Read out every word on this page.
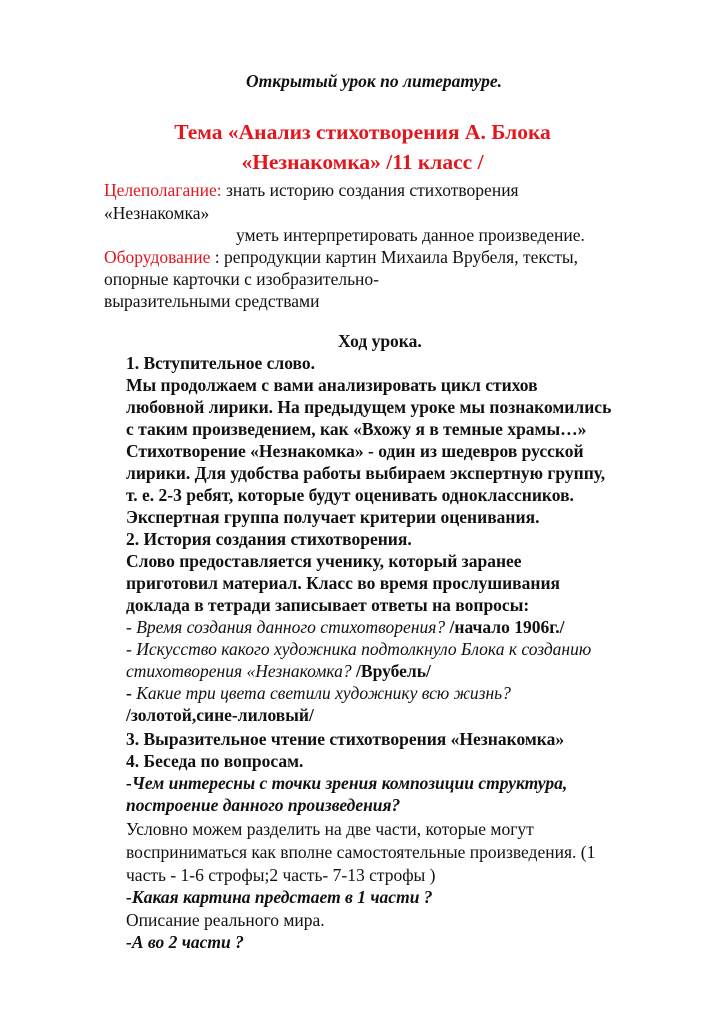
Открытый урок по литературе.
Тема «Анализ стихотворения А. Блока
«Незнакомка» /11 класс /
Целеполагание: знать историю создания стихотворения
«Незнакомка»
уметь интерпретировать данное произведение.
Оборудование : репродукции картин Михаила Врубеля, тексты,
опорные карточки с изобразительно-
выразительными средствами
Ход урока.
1. Вступительное слово.
Мы продолжаем с вами анализировать цикл стихов
любовной лирики. На предыдущем уроке мы познакомились
с таким произведением, как «Вхожу я в темные храмы…»
Стихотворение «Незнакомка» - один из шедевров русской
лирики. Для удобства работы выбираем экспертную группу,
т. е. 2-3 ребят, которые будут оценивать одноклассников.
Экспертная группа получает критерии оценивания.
2. История создания стихотворения.
Слово предоставляется ученику, который заранее
приготовил материал. Класс во время прослушивания
доклада в тетради записывает ответы на вопросы:
- Время создания данного стихотворения? /начало 1906г./
- Искусство какого художника подтолкнуло Блока к созданию
стихотворения «Незнакомка? /Врубель/
- Какие три цвета светили художнику всю жизнь?
/золотой,сине-лиловый/
3. Выразительное чтение стихотворения «Незнакомка»
4. Беседа по вопросам.
-Чем интересны с точки зрения композиции структура,
построение данного произведения?
Условно можем разделить на две части, которые могут
восприниматься как вполне самостоятельные произведения. (1
часть - 1-6 строфы;2 часть- 7-13 строфы )
-Какая картина предстает в 1 части ?
Описание реального мира.
-А во 2 части ?
